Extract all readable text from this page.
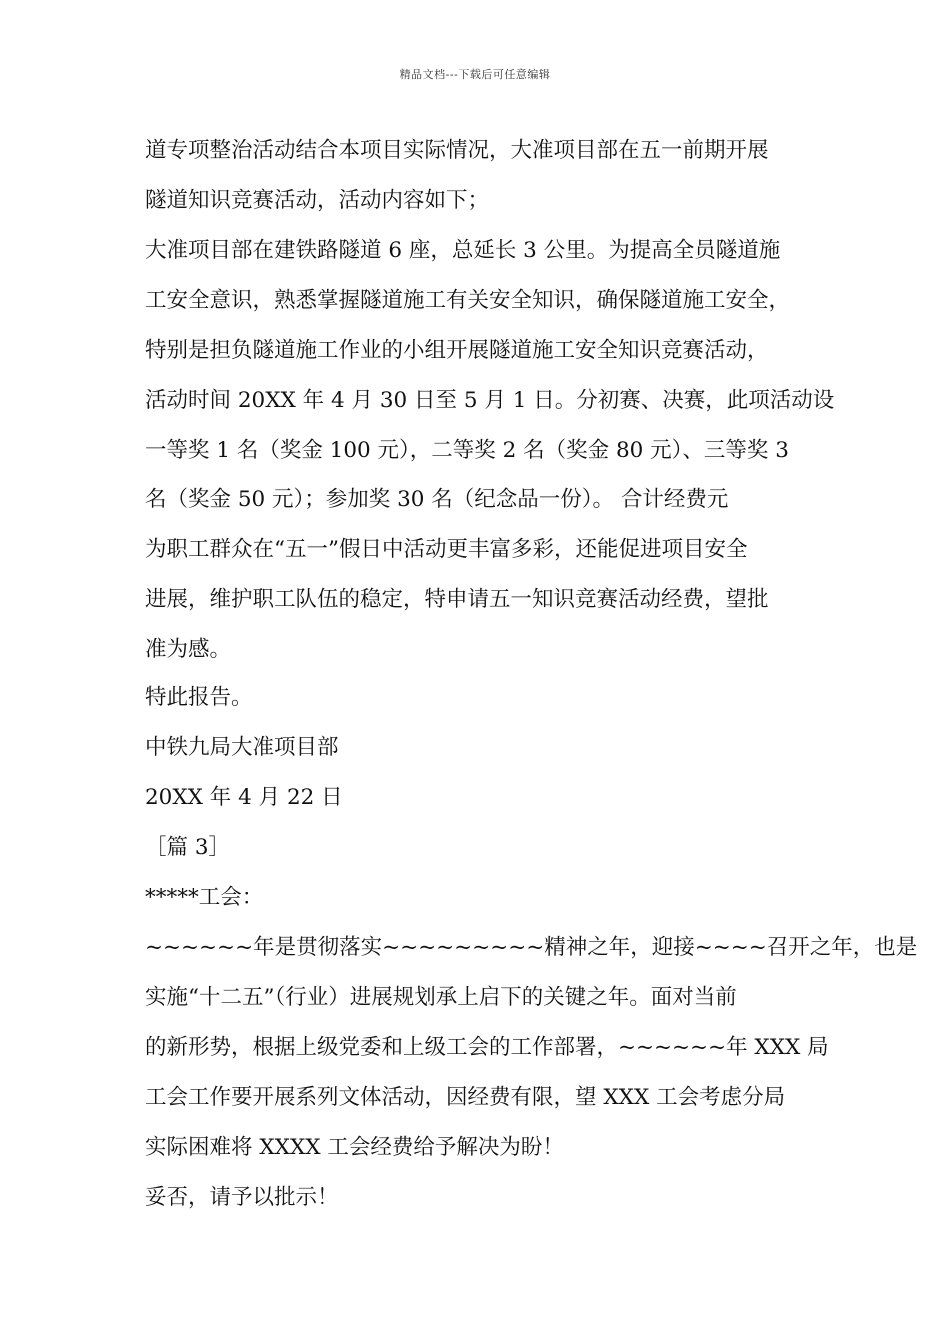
精品文档---下载后可任意编辑
道专项整治活动结合本项目实际情况，大准项目部在五一前期开展
隧道知识竞赛活动，活动内容如下；
大准项目部在建铁路隧道 6 座，总延长 3 公里。为提高全员隧道施
工安全意识，熟悉掌握隧道施工有关安全知识，确保隧道施工安全，
特别是担负隧道施工作业的小组开展隧道施工安全知识竞赛活动，
活动时间 20XX 年 4 月 30 日至 5 月 1 日。分初赛、决赛，此项活动设
一等奖 1 名（奖金 100 元），二等奖 2 名（奖金 80 元）、三等奖 3
名（奖金 50 元）；参加奖 30 名（纪念品一份）。 合计经费元
为职工群众在“五一”假日中活动更丰富多彩，还能促进项目安全
进展，维护职工队伍的稳定，特申请五一知识竞赛活动经费，望批
准为感。
特此报告。
中铁九局大准项目部
20XX 年 4 月 22 日
［篇 3］
*****工会：
~~~~~~年是贯彻落实~~~~~~~~~精神之年，迎接~~~~召开之年，也是
实施“十二五”（行业）进展规划承上启下的关键之年。面对当前
的新形势，根据上级党委和上级工会的工作部署，~~~~~~年 XXX 局
工会工作要开展系列文体活动，因经费有限，望 XXX 工会考虑分局
实际困难将 XXXX 工会经费给予解决为盼！
妥否，请予以批示！
